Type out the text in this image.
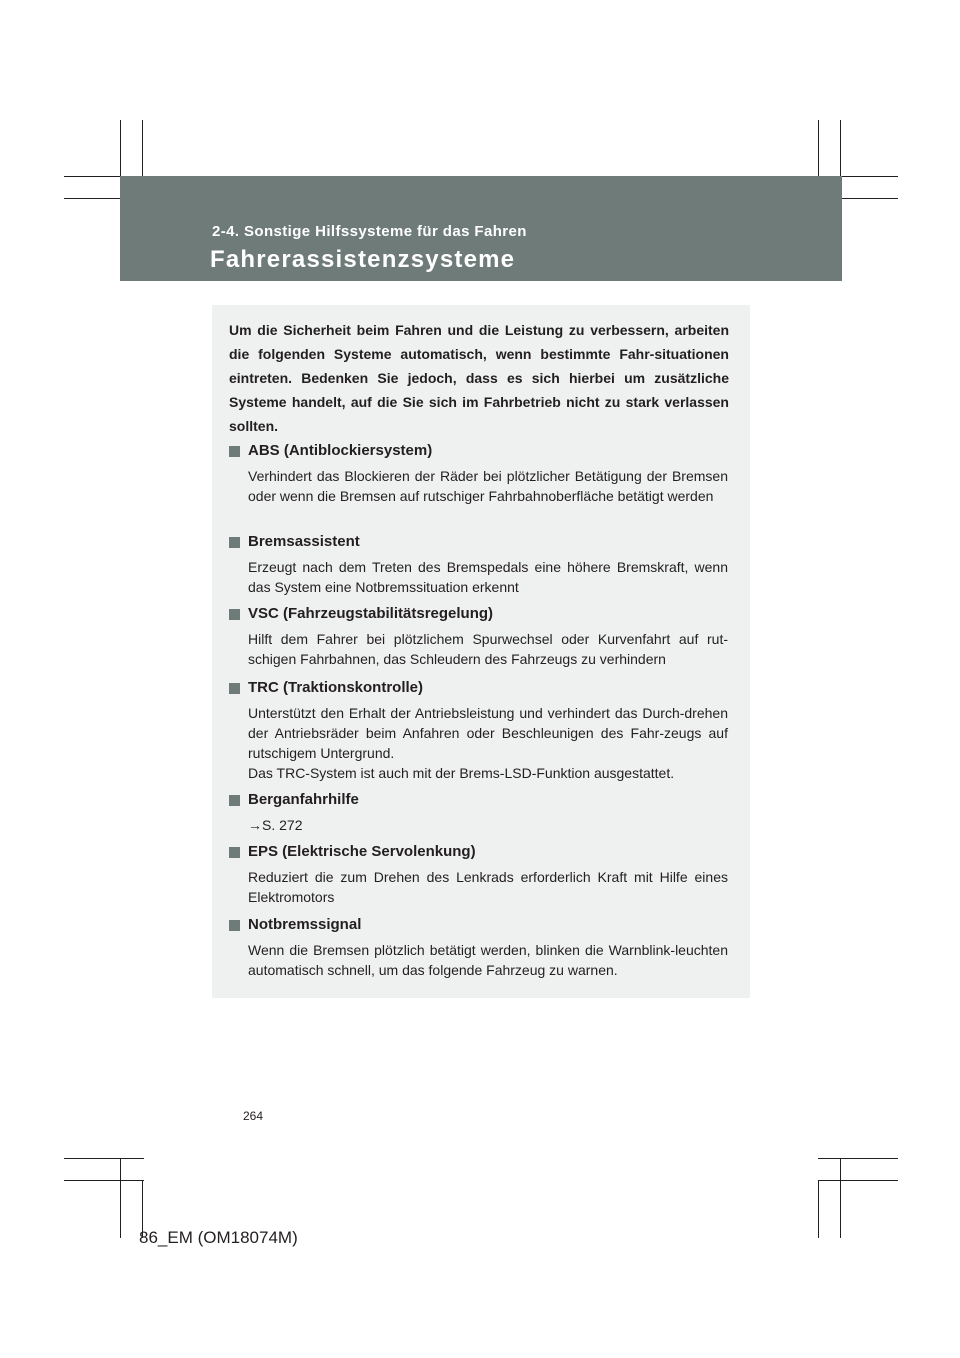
2-4. Sonstige Hilfssysteme für das Fahren
Fahrerassistenzsysteme
Um die Sicherheit beim Fahren und die Leistung zu verbessern, arbeiten die folgenden Systeme automatisch, wenn bestimmte Fahr-situationen eintreten. Bedenken Sie jedoch, dass es sich hierbei um zusätzliche Systeme handelt, auf die Sie sich im Fahrbetrieb nicht zu stark verlassen sollten.
ABS (Antiblockiersystem)
Verhindert das Blockieren der Räder bei plötzlicher Betätigung der Bremsen oder wenn die Bremsen auf rutschiger Fahrbahnoberfläche betätigt werden
Bremsassistent
Erzeugt nach dem Treten des Bremspedals eine höhere Bremskraft, wenn das System eine Notbremssituation erkennt
VSC (Fahrzeugstabilitätsregelung)
Hilft dem Fahrer bei plötzlichem Spurwechsel oder Kurvenfahrt auf rut-schigen Fahrbahnen, das Schleudern des Fahrzeugs zu verhindern
TRC (Traktionskontrolle)
Unterstützt den Erhalt der Antriebsleistung und verhindert das Durch-drehen der Antriebsräder beim Anfahren oder Beschleunigen des Fahr-zeugs auf rutschigem Untergrund.
Das TRC-System ist auch mit der Brems-LSD-Funktion ausgestattet.
Berganfahrhilfe
→S. 272
EPS (Elektrische Servolenkung)
Reduziert die zum Drehen des Lenkrads erforderlich Kraft mit Hilfe eines Elektromotors
Notbremssignal
Wenn die Bremsen plötzlich betätigt werden, blinken die Warnblink-leuchten automatisch schnell, um das folgende Fahrzeug zu warnen.
264
86_EM (OM18074M)
